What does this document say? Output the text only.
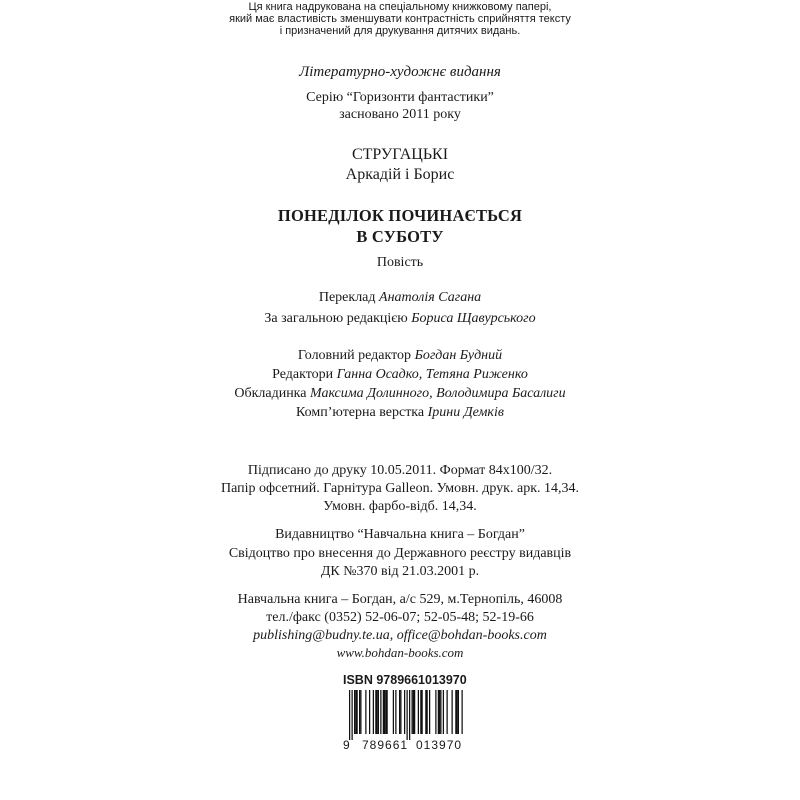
Ця книга надрукована на спеціальному книжковому папері,
який має властивість зменшувати контрастність сприйняття тексту
і призначений для друкування дитячих видань.
Літературно-художнє видання
Серію “Горизонти фантастики”
засновано 2011 року
СТРУГАЦЬКІ
Аркадій і Борис
ПОНЕДІЛОК ПОЧИНАЄТЬСЯ
В СУБОТУ
Повість
Переклад Анатолія Сагана
За загальною редакцією Бориса Щавурського
Головний редактор Богдан Будний
Редактори Ганна Осадко, Тетяна Риженко
Обкладинка Максима Долинного, Володимира Басалиги
Комп’ютерна верстка Ірини Демків
Підписано до друку 10.05.2011. Формат 84x100/32.
Папір офсетний. Гарнітура Galleon. Умовн. друк. арк. 14,34.
Умовн. фарбо-відб. 14,34.
Видавництво “Навчальна книга – Богдан”
Свідоцтво про внесення до Державного реєстру видавців
ДК №370 від 21.03.2001 р.
Навчальна книга – Богдан, а/с 529, м.Тернопіль, 46008
тел./факс (0352) 52-06-07; 52-05-48; 52-19-66
publishing@budny.te.ua, office@bohdan-books.com
www.bohdan-books.com
ISBN 9789661013970
9 789661 013970
